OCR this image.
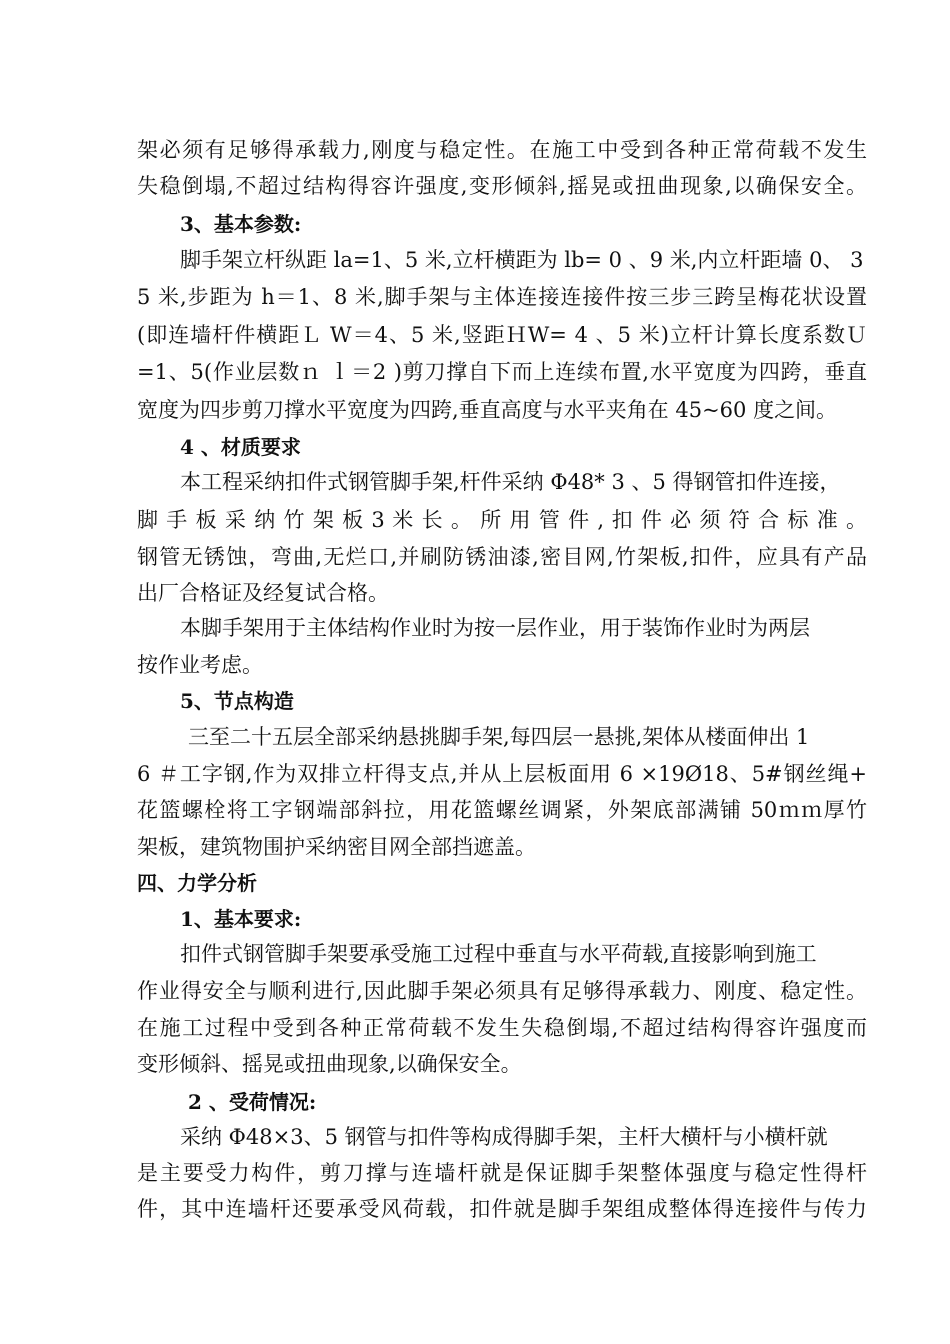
架必须有足够得承载力,刚度与稳定性。在施工中受到各种正常荷载不发生
失稳倒塌,不超过结构得容许强度,变形倾斜,摇晃或扭曲现象,以确保安全。
3、基本参数:
脚手架立杆纵距 la=1、5 米,立杆横距为 lb= 0 、9 米,内立杆距墙 0、 3
5 米,步距为 h＝1、8 米,脚手架与主体连接连接件按三步三跨呈梅花状设置
(即连墙杆件横距Ｌ W＝4、5 米,竖距ＨW= 4 、5 米)立杆计算长度系数Ｕ
=1、5(作业层数ｎ ｌ＝2 )剪刀撑自下而上连续布置,水平宽度为四跨，垂直
宽度为四步剪刀撑水平宽度为四跨,垂直高度与水平夹角在 45~60 度之间。
4 、材质要求
本工程采纳扣件式钢管脚手架,杆件采纳 Φ48* 3 、5 得钢管扣件连接，
脚 手 板 采 纳 竹 架 板 3 米 长 。 所 用 管 件 , 扣 件 必 须 符 合 标 准 。
钢管无锈蚀，弯曲,无烂口,并刷防锈油漆,密目网,竹架板,扣件，应具有产品
出厂合格证及经复试合格。
本脚手架用于主体结构作业时为按一层作业，用于装饰作业时为两层
按作业考虑。
5、节点构造
三至二十五层全部采纳悬挑脚手架,每四层一悬挑,架体从楼面伸出 1
6 ＃工字钢,作为双排立杆得支点,并从上层板面用 6 ×19Ø18、5#钢丝绳+
花篮螺栓将工字钢端部斜拉，用花篮螺丝调紧，外架底部满铺 50ｍｍ厚竹
架板，建筑物围护采纳密目网全部挡遮盖。
四、力学分析
1、基本要求:
扣件式钢管脚手架要承受施工过程中垂直与水平荷载,直接影响到施工
作业得安全与顺利进行,因此脚手架必须具有足够得承载力、刚度、稳定性。
在施工过程中受到各种正常荷载不发生失稳倒塌,不超过结构得容许强度而
变形倾斜、摇晃或扭曲现象,以确保安全。
2 、受荷情况:
采纳 Φ48×3、5 钢管与扣件等构成得脚手架，主杆大横杆与小横杆就
是主要受力构件，剪刀撑与连墙杆就是保证脚手架整体强度与稳定性得杆
件，其中连墙杆还要承受风荷载，扣件就是脚手架组成整体得连接件与传力
